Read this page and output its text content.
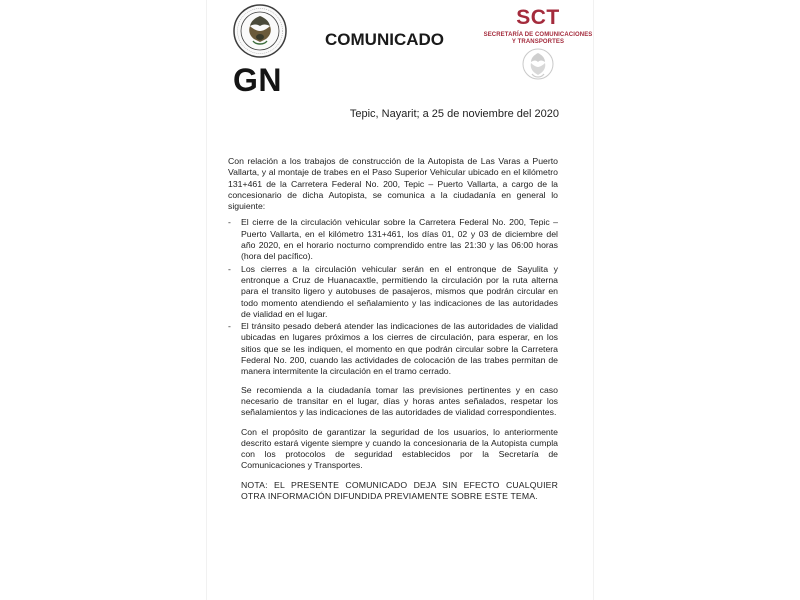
GN
COMUNICADO
SCT
SECRETARÍA DE COMUNICACIONES
Y TRANSPORTES
Tepic, Nayarit; a 25 de noviembre del 2020

Con relación a los trabajos de construcción de la Autopista de Las Varas a Puerto Vallarta, y al montaje de trabes en el Paso Superior Vehicular ubicado en el kilómetro 131+461 de la Carretera Federal No. 200, Tepic – Puerto Vallarta, a cargo de la concesionario de dicha Autopista, se comunica a la ciudadanía en general lo siguiente:

- El cierre de la circulación vehicular sobre la Carretera Federal No. 200, Tepic – Puerto Vallarta, en el kilómetro 131+461, los días 01, 02 y 03 de diciembre del año 2020, en el horario nocturno comprendido entre las 21:30 y las 06:00 horas (hora del pacífico).
- Los cierres a la circulación vehicular serán en el entronque de Sayulita y entronque a Cruz de Huanacaxtle, permitiendo la circulación por la ruta alterna para el transito ligero y autobuses de pasajeros, mismos que podrán circular en todo momento atendiendo el señalamiento y las indicaciones de las autoridades de vialidad en el lugar.
- El tránsito pesado deberá atender las indicaciones de las autoridades de vialidad ubicadas en lugares próximos a los cierres de circulación, para esperar, en los sitios que se les indiquen, el momento en que podrán circular sobre la Carretera Federal No. 200, cuando las actividades de colocación de las trabes permitan de manera intermitente la circulación en el tramo cerrado.

Se recomienda a la ciudadanía tomar las previsiones pertinentes y en caso necesario de transitar en el lugar, días y horas antes señalados, respetar los señalamientos y las indicaciones de las autoridades de vialidad correspondientes.

Con el propósito de garantizar la seguridad de los usuarios, lo anteriormente descrito estará vigente siempre y cuando la concesionaria de la Autopista cumpla con los protocolos de seguridad establecidos por la Secretaría de Comunicaciones y Transportes.

NOTA: EL PRESENTE COMUNICADO DEJA SIN EFECTO CUALQUIER OTRA INFORMACIÓN DIFUNDIDA PREVIAMENTE SOBRE ESTE TEMA.
